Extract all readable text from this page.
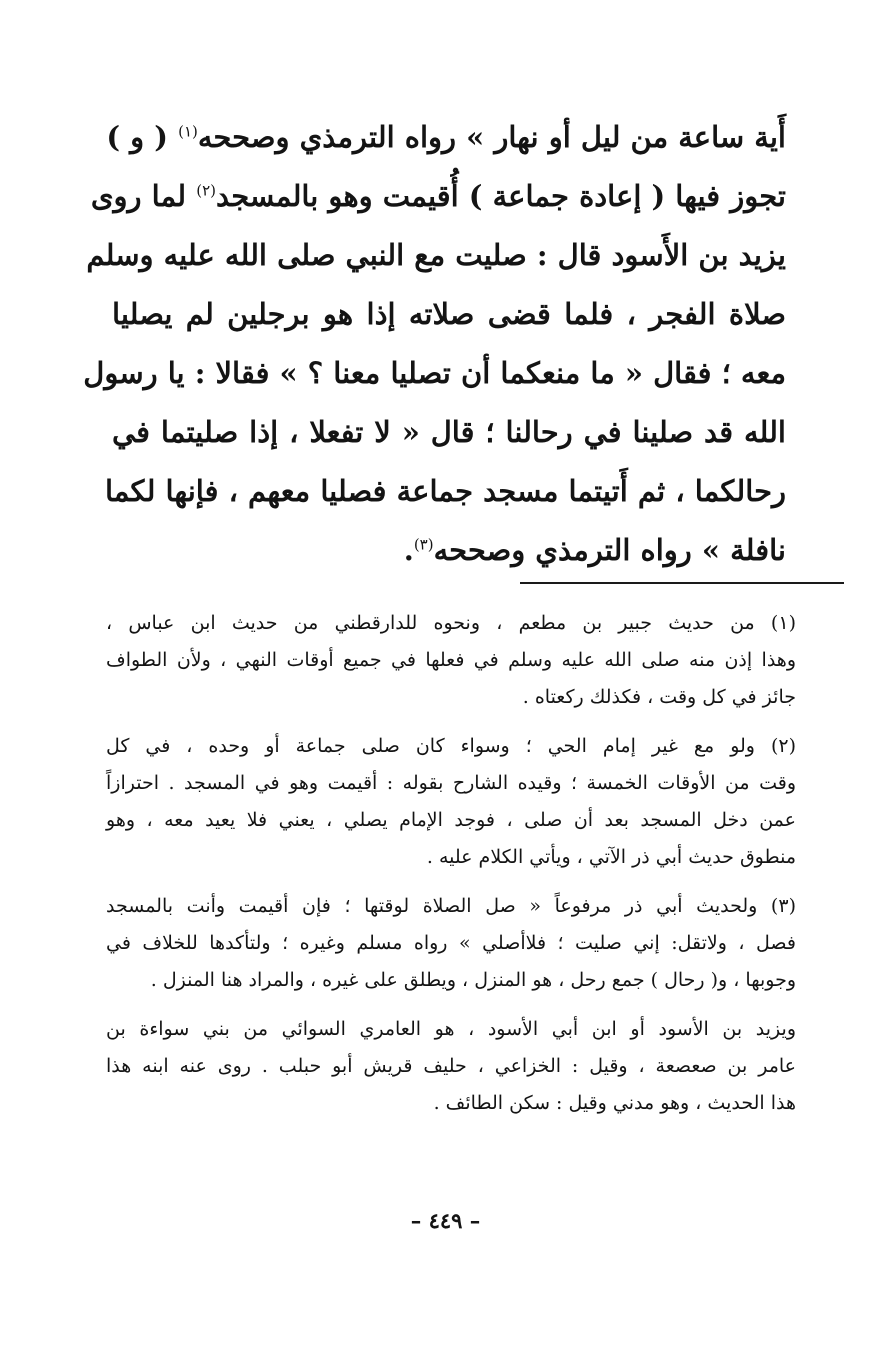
أَية ساعة من ليل أو نهار » رواه الترمذي وصححه$^{(١)}$ ( و )
تجوز فيها ( إعادة جماعة ) أُقيمت وهو بالمسجد$^{(٢)}$ لما روى
يزيد بن الأَسود قال : صليت مع النبي صلى الله عليه وسلم
صلاة الفجر ، فلما قضى صلاته إذا هو برجلين لم يصليا
معه ؛ فقال « ما منعكما أن تصليا معنا ؟ » فقالا : يا رسول
الله قد صلينا في رحالنا ؛ قال « لا تفعلا ، إذا صليتما في
رحالكما ، ثم أَتيتما مسجد جماعة فصليا معهم ، فإنها لكما
نافلة » رواه الترمذي وصححه$^{(٣)}$.
(١) من حديث جبير بن مطعم ، ونحوه للدارقطني من حديث ابن عباس ،
وهذا إذن منه صلى الله عليه وسلم في فعلها في جميع أوقات النهي ، ولأن الطواف
جائز في كل وقت ، فكذلك ركعتاه .
(٢) ولو مع غير إمام الحي ؛ وسواء كان صلى جماعة أو وحده ، في كل
وقت من الأوقات الخمسة ؛ وقيده الشارح بقوله : أقيمت وهو في المسجد . احترازاً
عمن دخل المسجد بعد أن صلى ، فوجد الإمام يصلي ، يعني فلا يعيد معه ، وهو
منطوق حديث أبي ذر الآتي ، ويأتي الكلام عليه .
(٣) ولحديث أبي ذر مرفوعاً « صل الصلاة لوقتها ؛ فإن أقيمت وأنت بالمسجد
فصل ، ولاتقل: إني صليت ؛ فلاأصلي » رواه مسلم وغيره ؛ ولتأكدها للخلاف في
وجوبها ، و( رحال ) جمع رحل ، هو المنزل ، ويطلق على غيره ، والمراد هنا المنزل .
ويزيد بن الأسود أو ابن أبي الأسود ، هو العامري السوائي من بني سواءة بن
عامر بن صعصعة ، وقيل : الخزاعي ، حليف قريش أبو حبلب . روى عنه ابنه هذا
هذا الحديث ، وهو مدني وقيل : سكن الطائف .
– ٤٤٩ –
